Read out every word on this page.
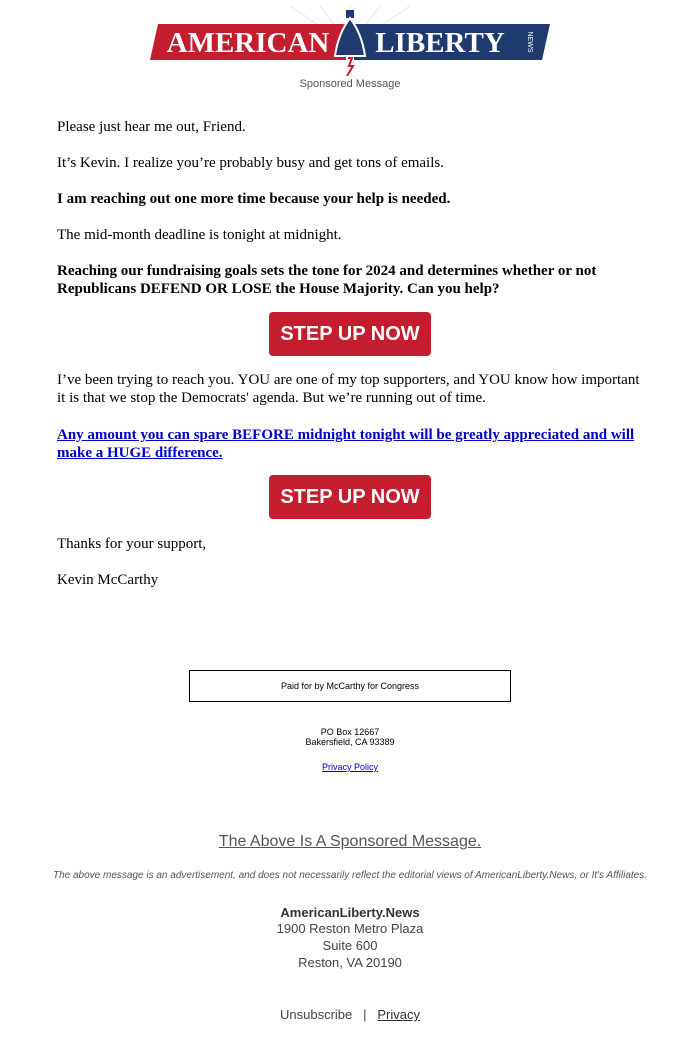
AMERICAN LIBERTY	NEWS
Sponsored Message
Please just hear me out, Friend.
It’s Kevin. I realize you’re probably busy and get tons of emails.
I am reaching out one more time because your help is needed.
The mid-month deadline is tonight at midnight.
Reaching our fundraising goals sets the tone for 2024 and determines whether or not Republicans DEFEND OR LOSE the House Majority. Can you help?
STEP UP NOW
I’ve been trying to reach you. YOU are one of my top supporters, and YOU know how important it is that we stop the Democrats' agenda. But we’re running out of time.
Any amount you can spare BEFORE midnight tonight will be greatly appreciated and will make a HUGE difference.
STEP UP NOW
Thanks for your support,
Kevin McCarthy
Paid for by McCarthy for Congress
PO Box 12667
Bakersfield, CA 93389
Privacy Policy
The Above Is A Sponsored Message.
The above message is an advertisement, and does not necessarily reflect the editorial views of AmericanLiberty.News, or It's Affiliates.
AmericanLiberty.News
1900 Reston Metro Plaza
Suite 600
Reston, VA 20190
Unsubscribe | Privacy
